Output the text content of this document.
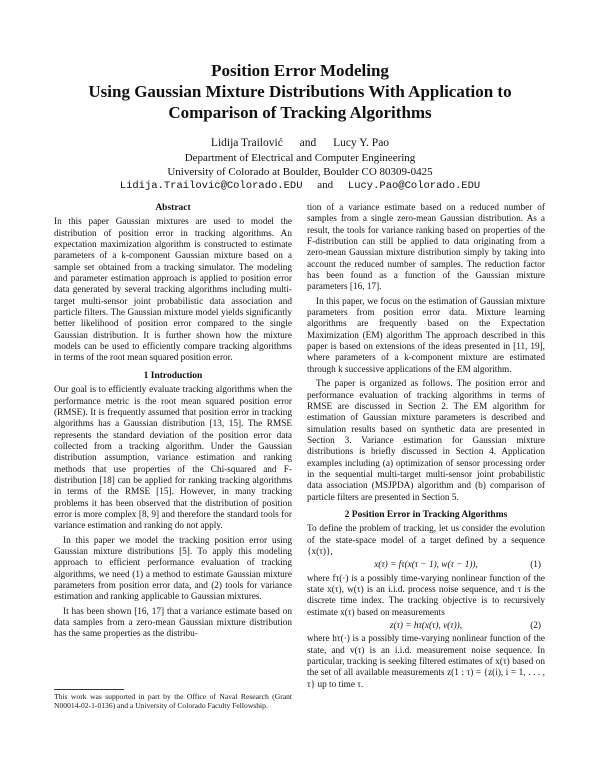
Position Error Modeling

Using Gaussian Mixture Distributions With Application to

Comparison of Tracking Algorithms

Lidija Trailović and Lucy Y. Pao
Department of Electrical and Computer Engineering
University of Colorado at Boulder, Boulder CO 80309-0425
Lidija.Trailovic@Colorado.EDU and Lucy.Pao@Colorado.EDU
Abstract

In this paper Gaussian mixtures are used to model the distribution of position error in tracking algorithms. An expectation maximization algorithm is constructed to estimate parameters of a k-component Gaussian mixture based on a sample set obtained from a tracking simulator. The modeling and parameter estimation approach is applied to position error data generated by several tracking algorithms including multi-target multi-sensor joint probabilistic data association and particle filters. The Gaussian mixture model yields significantly better likelihood of position error compared to the single Gaussian distribution. It is further shown how the mixture models can be used to efficiently compare tracking algorithms in terms of the root mean squared position error.

1 Introduction

Our goal is to efficiently evaluate tracking algorithms when the performance metric is the root mean squared position error (RMSE). It is frequently assumed that position error in tracking algorithms has a Gaussian distribution [13, 15]. The RMSE represents the standard deviation of the position error data collected from a tracking algorithm. Under the Gaussian distribution assumption, variance estimation and ranking methods that use properties of the Chi-squared and F-distribution [18] can be applied for ranking tracking algorithms in terms of the RMSE [15]. However, in many tracking problems it has been observed that the distribution of position error is more complex [8, 9] and therefore the standard tools for variance estimation and ranking do not apply.

In this paper we model the tracking position error using Gaussian mixture distributions [5]. To apply this modeling approach to efficient performance evaluation of tracking algorithms, we need (1) a method to estimate Gaussian mixture parameters from position error data, and (2) tools for variance estimation and ranking applicable to Gaussian mixtures.

It has been shown [16, 17] that a variance estimate based on data samples from a zero-mean Gaussian mixture distribution has the same properties as the distribu-

tion of a variance estimate based on a reduced number of samples from a single zero-mean Gaussian distribution. As a result, the tools for variance ranking based on properties of the F-distribution can still be applied to data originating from a zero-mean Gaussian mixture distribution simply by taking into account the reduced number of samples. The reduction factor has been found as a function of the Gaussian mixture parameters [16, 17].

In this paper, we focus on the estimation of Gaussian mixture parameters from position error data. Mixture learning algorithms are frequently based on the Expectation Maximization (EM) algorithm The approach described in this paper is based on extensions of the ideas presented in [11, 19], where parameters of a k-component mixture are estimated through k successive applications of the EM algorithm.

The paper is organized as follows. The position error and performance evaluation of tracking algorithms in terms of RMSE are discussed in Section 2. The EM algorithm for estimation of Gaussian mixture parameters is described and simulation results based on synthetic data are presented in Section 3. Variance estimation for Gaussian mixture distributions is briefly discussed in Section 4. Application examples including (a) optimization of sensor processing order in the sequential multi-target multi-sensor joint probabilistic data association (MSJPDA) algorithm and (b) comparison of particle filters are presented in Section 5.

2 Position Error in Tracking Algorithms

To define the problem of tracking, let us consider the evolution of the state-space model of a target defined by a sequence {x(τ)},

x(τ) = fτ(x(τ − 1), w(τ − 1)),	(1)

where fτ(·) is a possibly time-varying nonlinear function of the state x(τ), w(τ) is an i.i.d. process noise sequence, and τ is the discrete time index. The tracking objective is to recursively estimate x(τ) based on measurements

z(τ) = hτ(x(τ), v(τ)),	(2)

where hτ(·) is a possibly time-varying nonlinear function of the state, and v(τ) is an i.i.d. measurement noise sequence. In particular, tracking is seeking filtered estimates of x(τ) based on the set of all available measurements z(1 : τ) = {z(i), i = 1, . . . , τ} up to time τ.

This work was supported in part by the Office of Naval Research (Grant N00014-02-1-0136) and a University of Colorado Faculty Fellowship.
